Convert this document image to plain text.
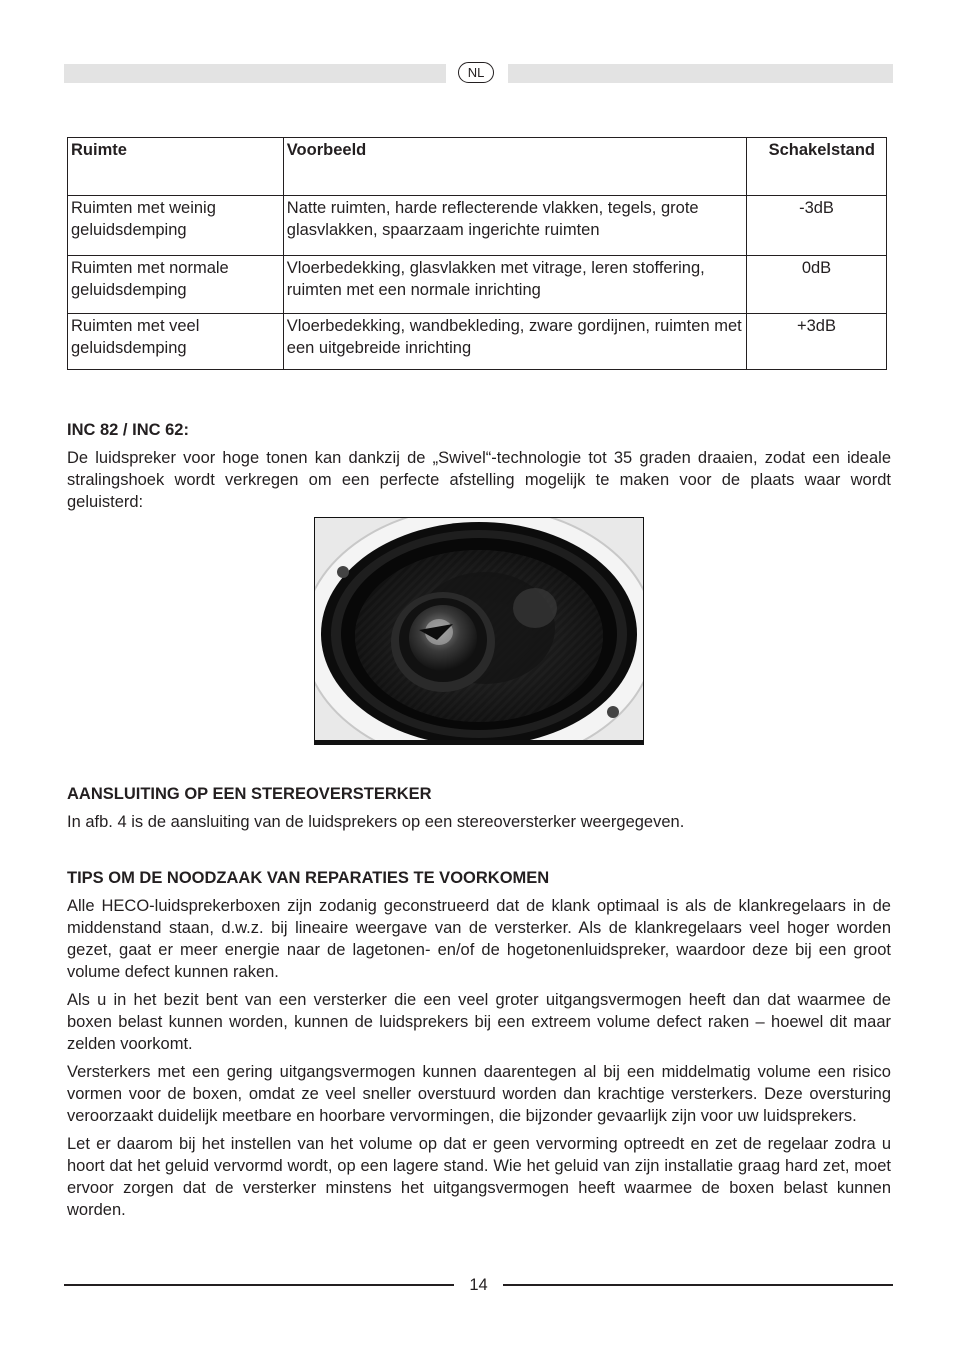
NL
Ruimte	Voorbeeld	Schakelstand
Ruimten met weinig geluidsdemping	Natte ruimten, harde reflecterende vlakken, tegels, grote glasvlakken, spaarzaam ingerichte ruimten	-3dB
Ruimten met normale geluidsdemping	Vloerbedekking, glasvlakken met vitrage, leren stoffering, ruimten met een normale inrichting	0dB
Ruimten met veel geluidsdemping	Vloerbedekking, wandbekleding, zware gordijnen, ruimten met een uitgebreide inrichting	+3dB

INC 82 / INC 62:

De luidspreker voor hoge tonen kan dankzij de „Swivel“-technologie tot 35 graden draaien, zodat een ideale stralingshoek wordt verkregen om een perfecte afstelling mogelijk te maken voor de plaats waar wordt geluisterd:

AANSLUITING OP EEN STEREOVERSTERKER

In afb. 4 is de aansluiting van de luidsprekers op een stereoversterker weergegeven.

TIPS OM DE NOODZAAK VAN REPARATIES TE VOORKOMEN

Alle HECO-luidsprekerboxen zijn zodanig geconstrueerd dat de klank optimaal is als de klankregelaars in de middenstand staan, d.w.z. bij lineaire weergave van de versterker. Als de klankregelaars veel hoger worden gezet, gaat er meer energie naar de lagetonen- en/of de hogetonenluidspreker, waardoor deze bij een groot volume defect kunnen raken.

Als u in het bezit bent van een versterker die een veel groter uitgangsvermogen heeft dan dat waarmee de boxen belast kunnen worden, kunnen de luidsprekers bij een extreem volume defect raken – hoewel dit maar zelden voorkomt.

Versterkers met een gering uitgangsvermogen kunnen daarentegen al bij een middelmatig volume een risico vormen voor de boxen, omdat ze veel sneller overstuurd worden dan krachtige versterkers. Deze oversturing veroorzaakt duidelijk meetbare en hoorbare vervormingen, die bijzonder gevaarlijk zijn voor uw luidsprekers.

Let er daarom bij het instellen van het volume op dat er geen vervorming optreedt en zet de regelaar zodra u hoort dat het geluid vervormd wordt, op een lagere stand. Wie het geluid van zijn installatie graag hard zet, moet ervoor zorgen dat de versterker minstens het uitgangsvermogen heeft waarmee de boxen belast kunnen worden.

14
